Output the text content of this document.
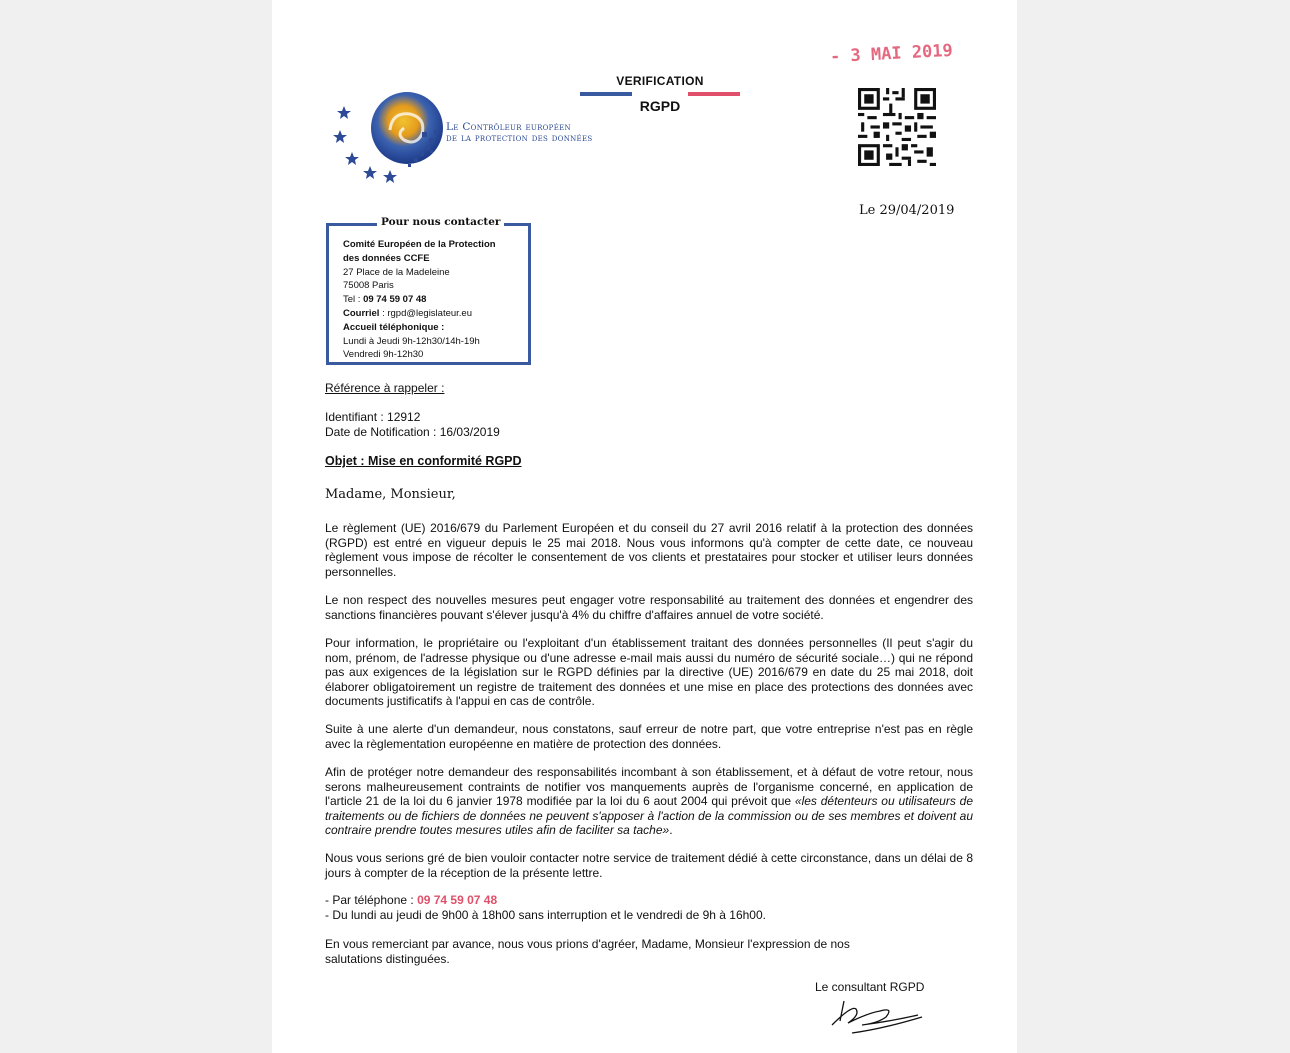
- 3 MAI 2019
VERIFICATION
RGPD
Le Contrôleur européen
de la protection des données
Le 29/04/2019
Pour nous contacter
Comité Européen de la Protection
des données CCFE
27 Place de la Madeleine
75008 Paris
Tel : 09 74 59 07 48
Courriel : rgpd@legislateur.eu
Accueil téléphonique :
Lundi à Jeudi 9h-12h30/14h-19h
Vendredi 9h-12h30
Référence à rappeler :
Identifiant : 12912
Date de Notification : 16/03/2019
Objet : Mise en conformité RGPD
Madame, Monsieur,
Le règlement (UE) 2016/679 du Parlement Européen et du conseil du 27 avril 2016 relatif à la protection des données (RGPD) est entré en vigueur depuis le 25 mai 2018. Nous vous informons qu'à compter de cette date, ce nouveau règlement vous impose de récolter le consentement de vos clients et prestataires pour stocker et utiliser leurs données personnelles.
Le non respect des nouvelles mesures peut engager votre responsabilité au traitement des données et engendrer des sanctions financières pouvant s'élever jusqu'à 4% du chiffre d'affaires annuel de votre société.
Pour information, le propriétaire ou l'exploitant d'un établissement traitant des données personnelles (Il peut s'agir du nom, prénom, de l'adresse physique ou d'une adresse e-mail mais aussi du numéro de sécurité sociale…) qui ne répond pas aux exigences de la législation sur le RGPD définies par la directive (UE) 2016/679 en date du 25 mai 2018, doit élaborer obligatoirement un registre de traitement des données et une mise en place des protections des données avec documents justificatifs à l'appui en cas de contrôle.
Suite à une alerte d'un demandeur, nous constatons, sauf erreur de notre part, que votre entreprise n'est pas en règle avec la règlementation européenne en matière de protection des données.
Afin de protéger notre demandeur des responsabilités incombant à son établissement, et à défaut de votre retour, nous serons malheureusement contraints de notifier vos manquements auprès de l'organisme concerné, en application de l'article 21 de la loi du 6 janvier 1978 modifiée par la loi du 6 aout 2004 qui prévoit que «les détenteurs ou utilisateurs de traitements ou de fichiers de données ne peuvent s'apposer à l'action de la commission ou de ses membres et doivent au contraire prendre toutes mesures utiles afin de faciliter sa tache».
Nous vous serions gré de bien vouloir contacter notre service de traitement dédié à cette circonstance, dans un délai de 8 jours à compter de la réception de la présente lettre.
- Par téléphone : 09 74 59 07 48
- Du lundi au jeudi de 9h00 à 18h00 sans interruption et le vendredi de 9h à 16h00.
En vous remerciant par avance, nous vous prions d'agréer, Madame, Monsieur l'expression de nos
salutations distinguées.
Le consultant RGPD
